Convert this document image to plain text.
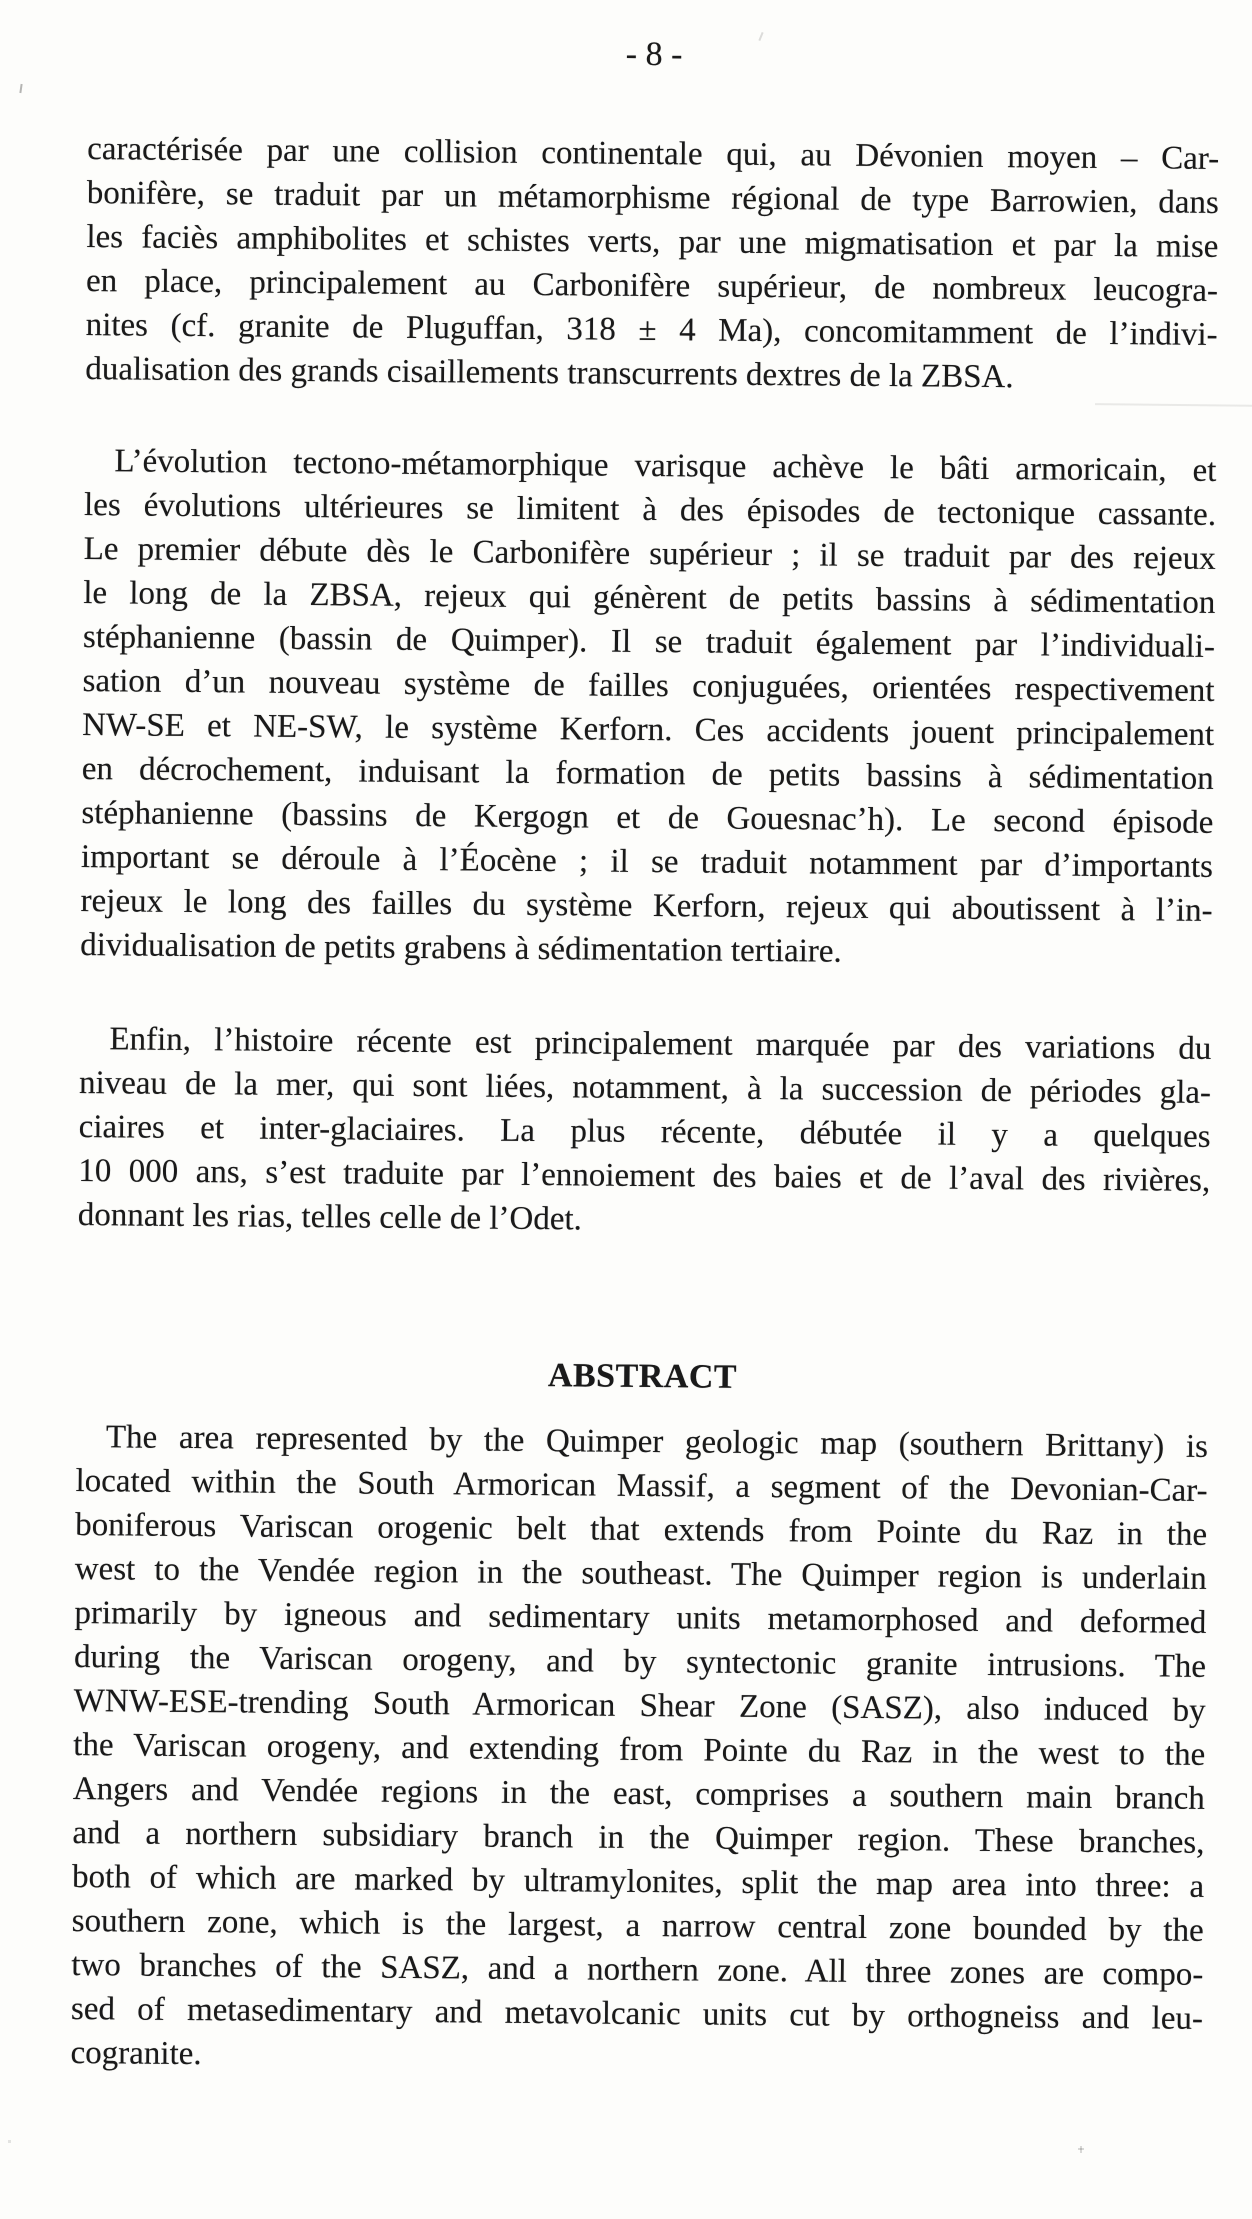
- 8 -
caractérisée par une collision continentale qui, au Dévonien moyen – Car-
bonifère, se traduit par un métamorphisme régional de type Barrowien, dans
les faciès amphibolites et schistes verts, par une migmatisation et par la mise
en place, principalement au Carbonifère supérieur, de nombreux leucogra-
nites (cf. granite de Pluguffan, 318 ± 4 Ma), concomitamment de l’indivi-
dualisation des grands cisaillements transcurrents dextres de la ZBSA.
L’évolution tectono-métamorphique varisque achève le bâti armoricain, et
les évolutions ultérieures se limitent à des épisodes de tectonique cassante.
Le premier débute dès le Carbonifère supérieur ; il se traduit par des rejeux
le long de la ZBSA, rejeux qui génèrent de petits bassins à sédimentation
stéphanienne (bassin de Quimper). Il se traduit également par l’individuali-
sation d’un nouveau système de failles conjuguées, orientées respectivement
NW-SE et NE-SW, le système Kerforn. Ces accidents jouent principalement
en décrochement, induisant la formation de petits bassins à sédimentation
stéphanienne (bassins de Kergogn et de Gouesnac’h). Le second épisode
important se déroule à l’Éocène ; il se traduit notamment par d’importants
rejeux le long des failles du système Kerforn, rejeux qui aboutissent à l’in-
dividualisation de petits grabens à sédimentation tertiaire.
Enfin, l’histoire récente est principalement marquée par des variations du
niveau de la mer, qui sont liées, notamment, à la succession de périodes gla-
ciaires et inter-glaciaires. La plus récente, débutée il y a quelques
10 000 ans, s’est traduite par l’ennoiement des baies et de l’aval des rivières,
donnant les rias, telles celle de l’Odet.
ABSTRACT
The area represented by the Quimper geologic map (southern Brittany) is
located within the South Armorican Massif, a segment of the Devonian-Car-
boniferous Variscan orogenic belt that extends from Pointe du Raz in the
west to the Vendée region in the southeast. The Quimper region is underlain
primarily by igneous and sedimentary units metamorphosed and deformed
during the Variscan orogeny, and by syntectonic granite intrusions. The
WNW-ESE-trending South Armorican Shear Zone (SASZ), also induced by
the Variscan orogeny, and extending from Pointe du Raz in the west to the
Angers and Vendée regions in the east, comprises a southern main branch
and a northern subsidiary branch in the Quimper region. These branches,
both of which are marked by ultramylonites, split the map area into three: a
southern zone, which is the largest, a narrow central zone bounded by the
two branches of the SASZ, and a northern zone. All three zones are compo-
sed of metasedimentary and metavolcanic units cut by orthogneiss and leu-
cogranite.
